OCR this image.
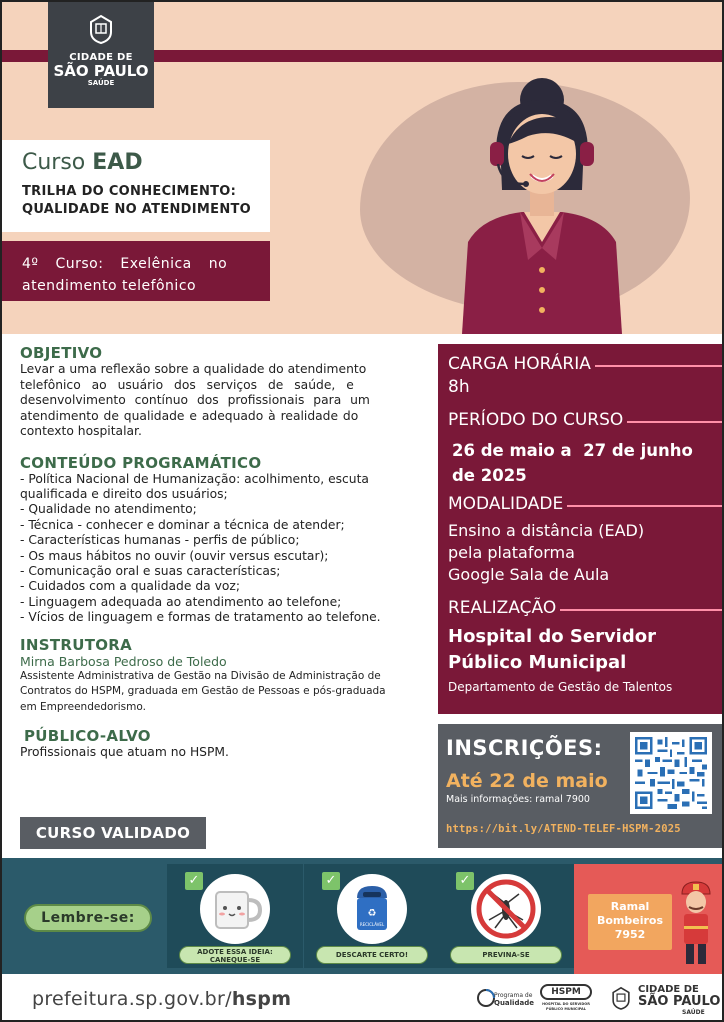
CIDADE DE
SÃO PAULO
SAÚDE
Curso EAD
TRILHA DO CONHECIMENTO:
QUALIDADE NO ATENDIMENTO
4º Curso: Exelênica no
atendimento telefônico
OBJETIVO
Levar a uma reflexão sobre a qualidade do atendimento
telefônico ao usuário dos serviços de saúde, e
desenvolvimento contínuo dos profissionais para um
atendimento de qualidade e adequado à realidade do
contexto hospitalar.
CONTEÚDO PROGRAMÁTICO
- Política Nacional de Humanização: acolhimento, escuta
qualificada e direito dos usuários;
- Qualidade no atendimento;
- Técnica - conhecer e dominar a técnica de atender;
- Características humanas - perfis de público;
- Os maus hábitos no ouvir (ouvir versus escutar);
- Comunicação oral e suas características;
- Cuidados com a qualidade da voz;
- Linguagem adequada ao atendimento ao telefone;
- Vícios de linguagem e formas de tratamento ao telefone.
INSTRUTORA
Mirna Barbosa Pedroso de Toledo
Assistente Administrativa de Gestão na Divisão de Administração de
Contratos do HSPM, graduada em Gestão de Pessoas e pós-graduada
em Empreendedorismo.
PÚBLICO-ALVO
Profissionais que atuam no HSPM.
CURSO VALIDADO
CARGA HORÁRIA
8h
PERÍODO DO CURSO
26 de maio a  27 de junho
de 2025
MODALIDADE
Ensino a distância (EAD)
pela plataforma
Google Sala de Aula
REALIZAÇÃO
Hospital do Servidor
Público Municipal
Departamento de Gestão de Talentos
INSCRIÇÕES:
Até 22 de maio
Mais informações: ramal 7900
https://bit.ly/ATEND-TELEF-HSPM-2025
Lembre-se:
✓
ADOTE ESSA IDEIA:
CANEQUE-SE
✓
♻
RECICLÁVEL
DESCARTE CERTO!
✓
PREVINA-SE
Ramal
Bombeiros
7952
prefeitura.sp.gov.br/hspm	Programa de
Qualidade
HSPM
HOSPITAL DO SERVIDOR PÚBLICO MUNICIPAL
CIDADE DE
SÃO PAULO
SAÚDE
